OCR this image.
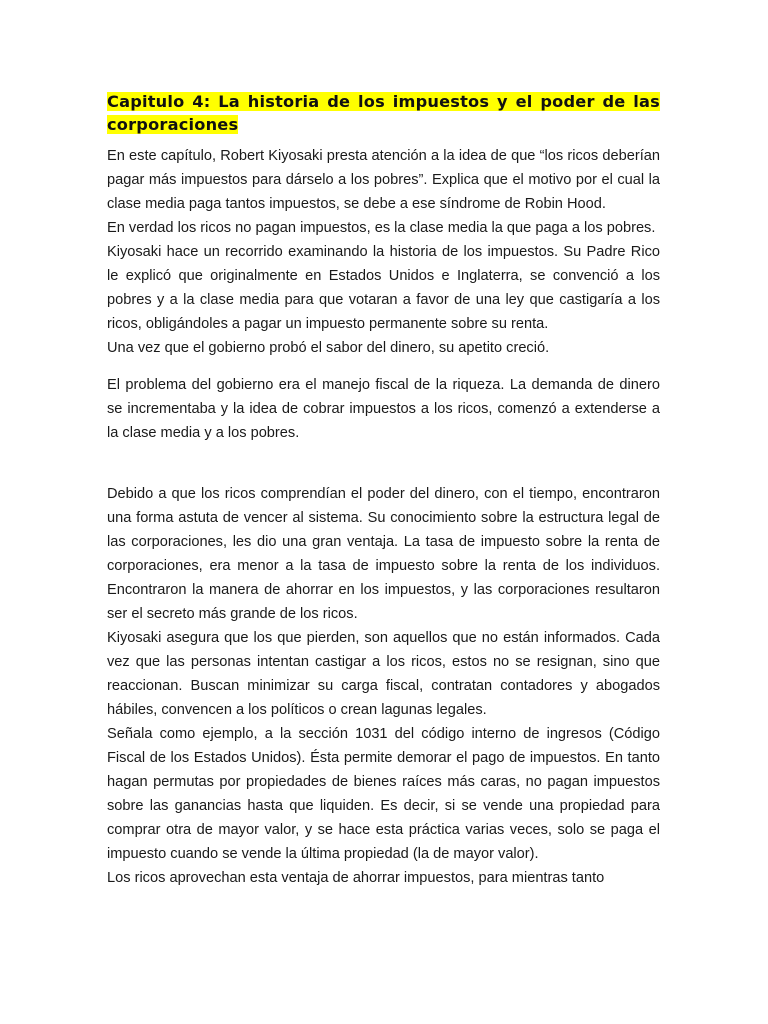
Capitulo 4: La historia de los impuestos y el poder de las corporaciones

En este capítulo, Robert Kiyosaki presta atención a la idea de que “los ricos deberían pagar más impuestos para dárselo a los pobres”. Explica que el motivo por el cual la clase media paga tantos impuestos, se debe a ese síndrome de Robin Hood.

En verdad los ricos no pagan impuestos, es la clase media la que paga a los pobres.

Kiyosaki hace un recorrido examinando la historia de los impuestos. Su Padre Rico le explicó que originalmente en Estados Unidos e Inglaterra, se convenció a los pobres y a la clase media para que votaran a favor de una ley que castigaría a los ricos, obligándoles a pagar un impuesto permanente sobre su renta.

Una vez que el gobierno probó el sabor del dinero, su apetito creció.

El problema del gobierno era el manejo fiscal de la riqueza. La demanda de dinero se incrementaba y la idea de cobrar impuestos a los ricos, comenzó a extenderse a la clase media y a los pobres.

Debido a que los ricos comprendían el poder del dinero, con el tiempo, encontraron una forma astuta de vencer al sistema. Su conocimiento sobre la estructura legal de las corporaciones, les dio una gran ventaja. La tasa de impuesto sobre la renta de corporaciones, era menor a la tasa de impuesto sobre la renta de los individuos. Encontraron la manera de ahorrar en los impuestos, y las corporaciones resultaron ser el secreto más grande de los ricos.

Kiyosaki asegura que los que pierden, son aquellos que no están informados. Cada vez que las personas intentan castigar a los ricos, estos no se resignan, sino que reaccionan. Buscan minimizar su carga fiscal, contratan contadores y abogados hábiles, convencen a los políticos o crean lagunas legales.

Señala como ejemplo, a la sección 1031 del código interno de ingresos (Código Fiscal de los Estados Unidos). Ésta permite demorar el pago de impuestos. En tanto hagan permutas por propiedades de bienes raíces más caras, no pagan impuestos sobre las ganancias hasta que liquiden. Es decir, si se vende una propiedad para comprar otra de mayor valor, y se hace esta práctica varias veces, solo se paga el impuesto cuando se vende la última propiedad (la de mayor valor).

Los ricos aprovechan esta ventaja de ahorrar impuestos, para mientras tanto
